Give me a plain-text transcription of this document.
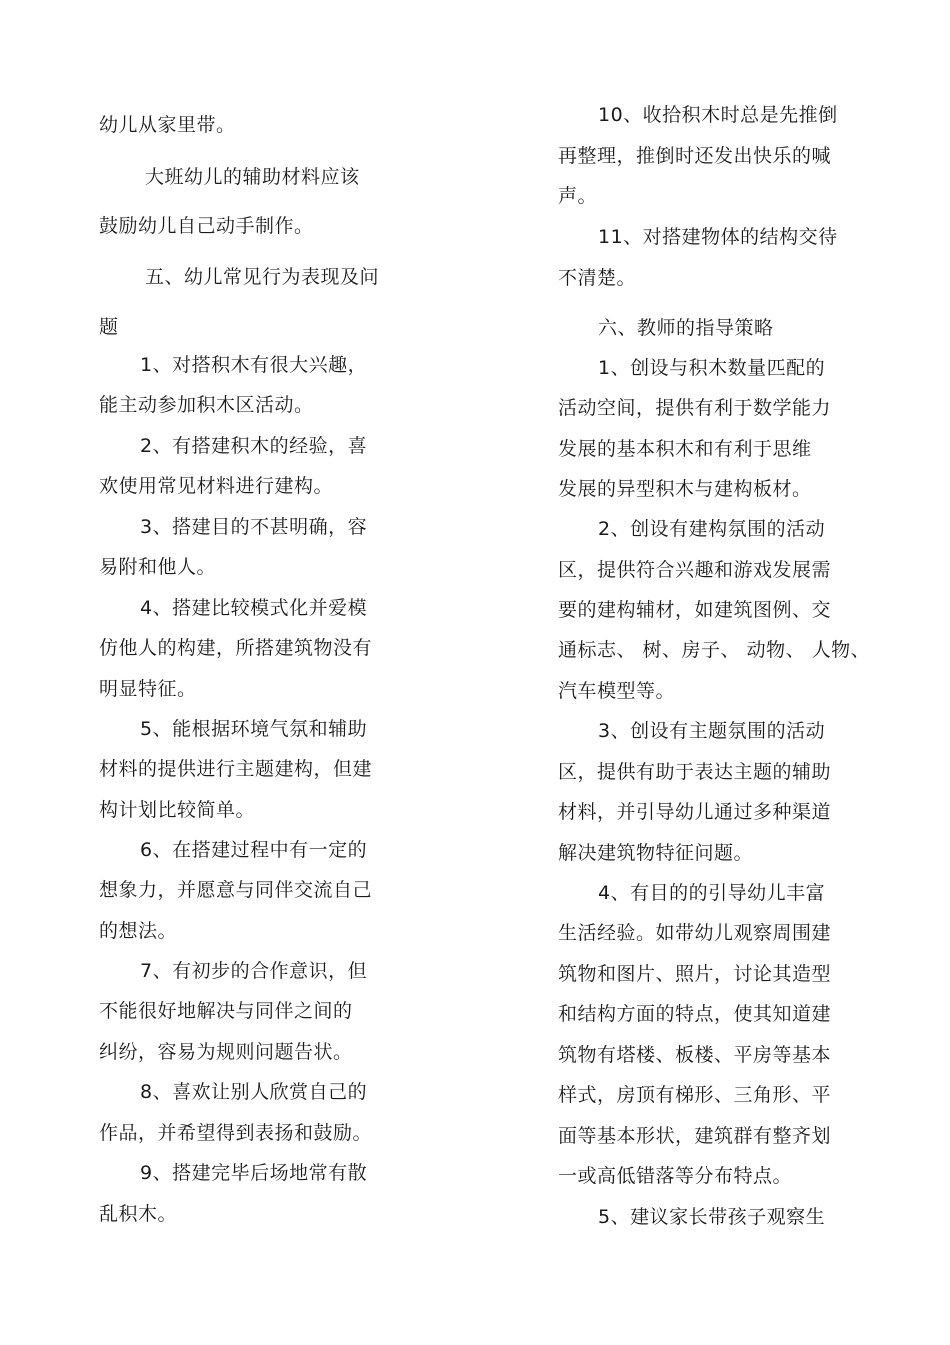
幼儿从家里带。
大班幼儿的辅助材料应该
鼓励幼儿自己动手制作。
五、幼儿常见行为表现及问
题
1、对搭积木有很大兴趣，
能主动参加积木区活动。
2、有搭建积木的经验，喜
欢使用常见材料进行建构。
3、搭建目的不甚明确，容
易附和他人。
4、搭建比较模式化并爱模
仿他人的构建，所搭建筑物没有
明显特征。
5、能根据环境气氛和辅助
材料的提供进行主题建构，但建
构计划比较简单。
6、在搭建过程中有一定的
想象力，并愿意与同伴交流自己
的想法。
7、有初步的合作意识，但
不能很好地解决与同伴之间的
纠纷，容易为规则问题告状。
8、喜欢让别人欣赏自己的
作品，并希望得到表扬和鼓励。
9、搭建完毕后场地常有散
乱积木。
10、收拾积木时总是先推倒
再整理，推倒时还发出快乐的喊
声。
11、对搭建物体的结构交待
不清楚。
六、教师的指导策略
1、创设与积木数量匹配的
活动空间，提供有利于数学能力
发展的基本积木和有利于思维
发展的异型积木与建构板材。
2、创设有建构氛围的活动
区，提供符合兴趣和游戏发展需
要的建构辅材，如建筑图例、交
通标志、 树、房子、 动物、 人物、
汽车模型等。
3、创设有主题氛围的活动
区，提供有助于表达主题的辅助
材料，并引导幼儿通过多种渠道
解决建筑物特征问题。
4、有目的的引导幼儿丰富
生活经验。如带幼儿观察周围建
筑物和图片、照片，讨论其造型
和结构方面的特点，使其知道建
筑物有塔楼、板楼、平房等基本
样式，房顶有梯形、三角形、平
面等基本形状，建筑群有整齐划
一或高低错落等分布特点。
5、建议家长带孩子观察生
